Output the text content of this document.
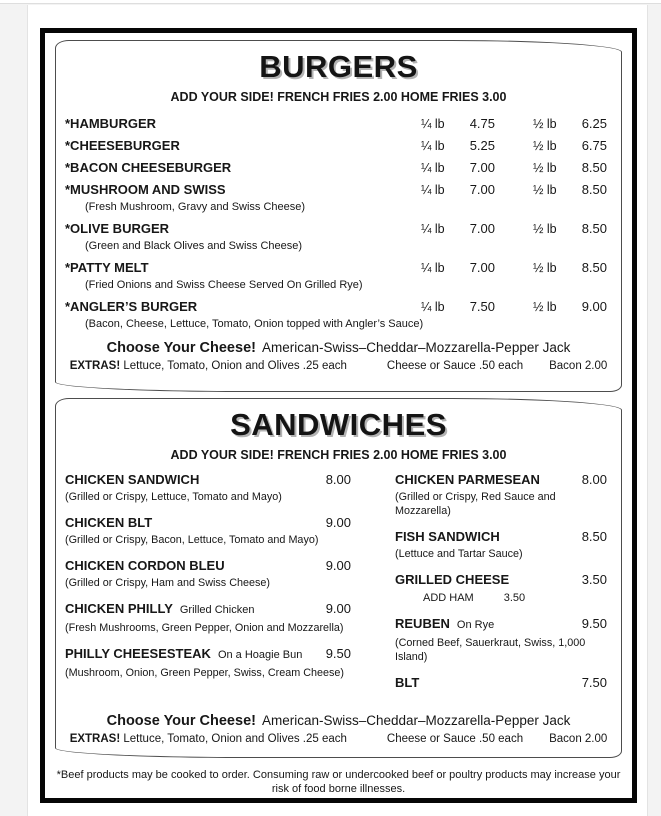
BURGERS
ADD YOUR SIDE! FRENCH FRIES 2.00 HOME FRIES 3.00
*HAMBURGER	¼ lb	4.75	½ lb	6.25
*CHEESEBURGER	¼ lb	5.25	½ lb	6.75
*BACON CHEESEBURGER	¼ lb	7.00	½ lb	8.50
*MUSHROOM AND SWISS	¼ lb	7.00	½ lb	8.50
(Fresh Mushroom, Gravy and Swiss Cheese)
*OLIVE BURGER	¼ lb	7.00	½ lb	8.50
(Green and Black Olives and Swiss Cheese)
*PATTY MELT	¼ lb	7.00	½ lb	8.50
(Fried Onions and Swiss Cheese Served On Grilled Rye)
*ANGLER’S BURGER	¼ lb	7.50	½ lb	9.00
(Bacon, Cheese, Lettuce, Tomato, Onion topped with Angler’s Sauce)
Choose Your Cheese! American-Swiss–Cheddar–Mozzarella-Pepper Jack
EXTRAS! Lettuce, Tomato, Onion and Olives .25 each	Cheese or Sauce .50 each Bacon 2.00
SANDWICHES
ADD YOUR SIDE! FRENCH FRIES 2.00 HOME FRIES 3.00
CHICKEN SANDWICH	8.00
(Grilled or Crispy, Lettuce, Tomato and Mayo)
CHICKEN BLT	9.00
(Grilled or Crispy, Bacon, Lettuce, Tomato and Mayo)
CHICKEN CORDON BLEU	9.00
(Grilled or Crispy, Ham and Swiss Cheese)
CHICKEN PHILLY Grilled Chicken	9.00
(Fresh Mushrooms, Green Pepper, Onion and Mozzarella)
PHILLY CHEESESTEAK On a Hoagie Bun 9.50
(Mushroom, Onion, Green Pepper, Swiss, Cream Cheese)
CHICKEN PARMESEAN	8.00
(Grilled or Crispy, Red Sauce and Mozzarella)
FISH SANDWICH	8.50
(Lettuce and Tartar Sauce)
GRILLED CHEESE	3.50
ADD HAM	3.50
REUBEN On Rye	9.50
(Corned Beef, Sauerkraut, Swiss, 1,000 Island)
BLT	7.50
Choose Your Cheese! American-Swiss–Cheddar–Mozzarella-Pepper Jack
EXTRAS! Lettuce, Tomato, Onion and Olives .25 each	Cheese or Sauce .50 each Bacon 2.00
*Beef products may be cooked to order. Consuming raw or undercooked beef or poultry products may increase your risk of food borne illnesses.
